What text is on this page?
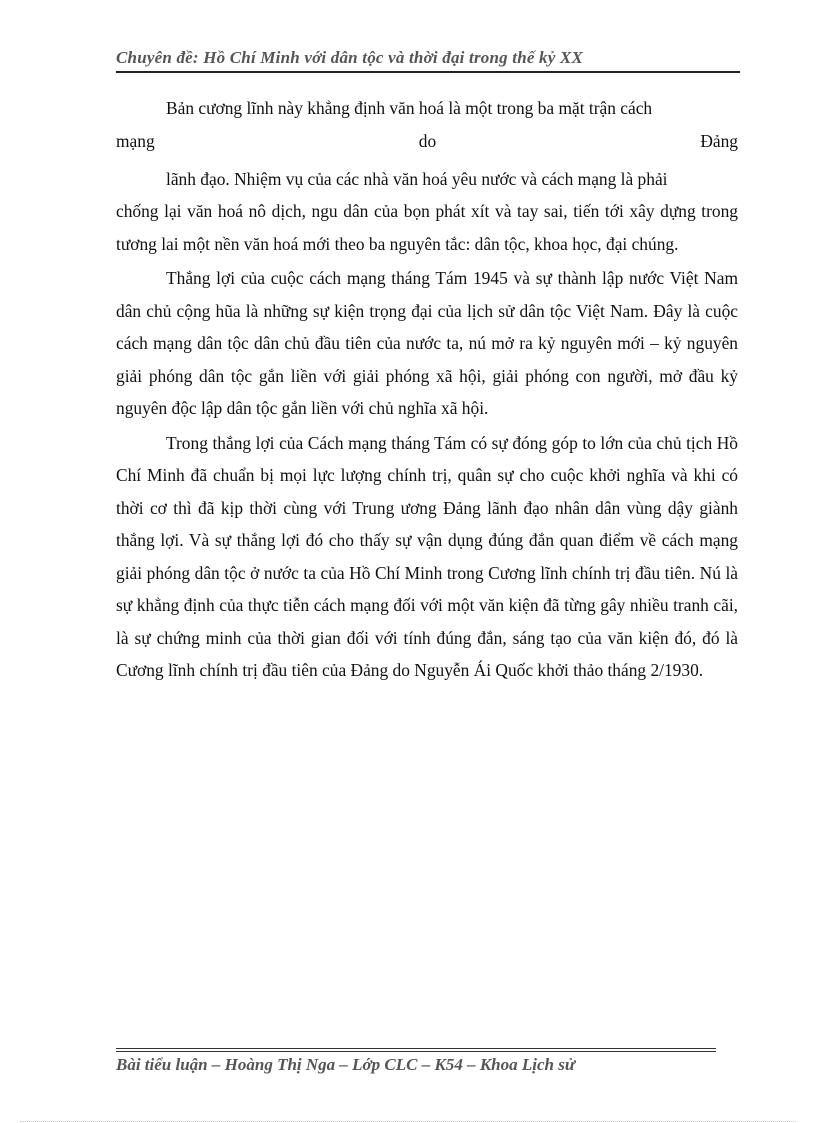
Chuyên đề: Hồ Chí Minh với dân tộc và thời đại trong thế kỷ XX

Bản cương lĩnh này khẳng định văn hoá là một trong ba mặt trận cách

mạng	do	Đảng

lãnh đạo. Nhiệm vụ của các nhà văn hoá yêu nước và cách mạng là phải

chống lại văn hoá nô dịch, ngu dân của bọn phát xít và tay sai, tiến tới xây dựng trong tương lai một nền văn hoá mới theo ba nguyên tắc: dân tộc, khoa học, đại chúng.

Thắng lợi của cuộc cách mạng tháng Tám 1945 và sự thành lập nước Việt Nam dân chủ cộng hũa là những sự kiện trọng đại của lịch sử dân tộc Việt Nam. Đây là cuộc cách mạng dân tộc dân chủ đầu tiên của nước ta, nú mở ra kỷ nguyên mới – kỷ nguyên giải phóng dân tộc gắn liền với giải phóng xã hội, giải phóng con người, mở đầu kỷ nguyên độc lập dân tộc gắn liền với chủ nghĩa xã hội.

Trong thắng lợi của Cách mạng tháng Tám có sự đóng góp to lớn của chủ tịch Hồ Chí Minh đã chuẩn bị mọi lực lượng chính trị, quân sự cho cuộc khởi nghĩa và khi có thời cơ thì đã kịp thời cùng với Trung ương Đảng lãnh đạo nhân dân vùng dậy giành thắng lợi. Và sự thắng lợi đó cho thấy sự vận dụng đúng đắn quan điểm về cách mạng giải phóng dân tộc ở nước ta của Hồ Chí Minh trong Cương lĩnh chính trị đầu tiên. Nú là sự khẳng định của thực tiễn cách mạng đối với một văn kiện đã từng gây nhiều tranh cãi, là sự chứng minh của thời gian đối với tính đúng đắn, sáng tạo của văn kiện đó, đó là Cương lĩnh chính trị đầu tiên của Đảng do Nguyễn Ái Quốc khởi thảo tháng 2/1930.

Bài tiểu luận – Hoàng Thị Nga – Lớp CLC – K54 – Khoa Lịch sử
